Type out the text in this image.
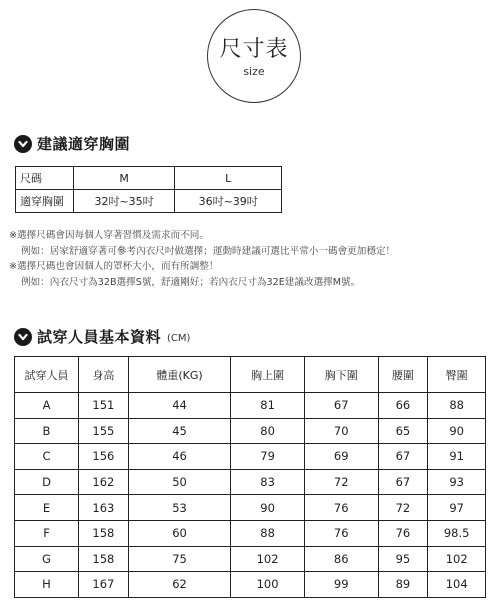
尺寸表
size
建議適穿胸圍
尺碼	M	L
適穿胸圍	32吋~35吋	36吋~39吋
※選擇尺碼會因每個人穿著習慣及需求而不同。
例如：居家舒適穿著可參考內衣尺吋做選擇；運動時建議可選比平常小一碼會更加穩定！
※選擇尺碼也會因個人的罩杯大小，而有所調整！
例如：內衣尺寸為32B選擇S號，舒適剛好；若內衣尺寸為32E建議改選擇M號。
試穿人員基本資料 (CM)
試穿人員	身高	體重(KG)	胸上圍	胸下圍	腰圍	臀圍
A	151	44	81	67	66	88
B	155	45	80	70	65	90
C	156	46	79	69	67	91
D	162	50	83	72	67	93
E	163	53	90	76	72	97
F	158	60	88	76	76	98.5
G	158	75	102	86	95	102
H	167	62	100	99	89	104
